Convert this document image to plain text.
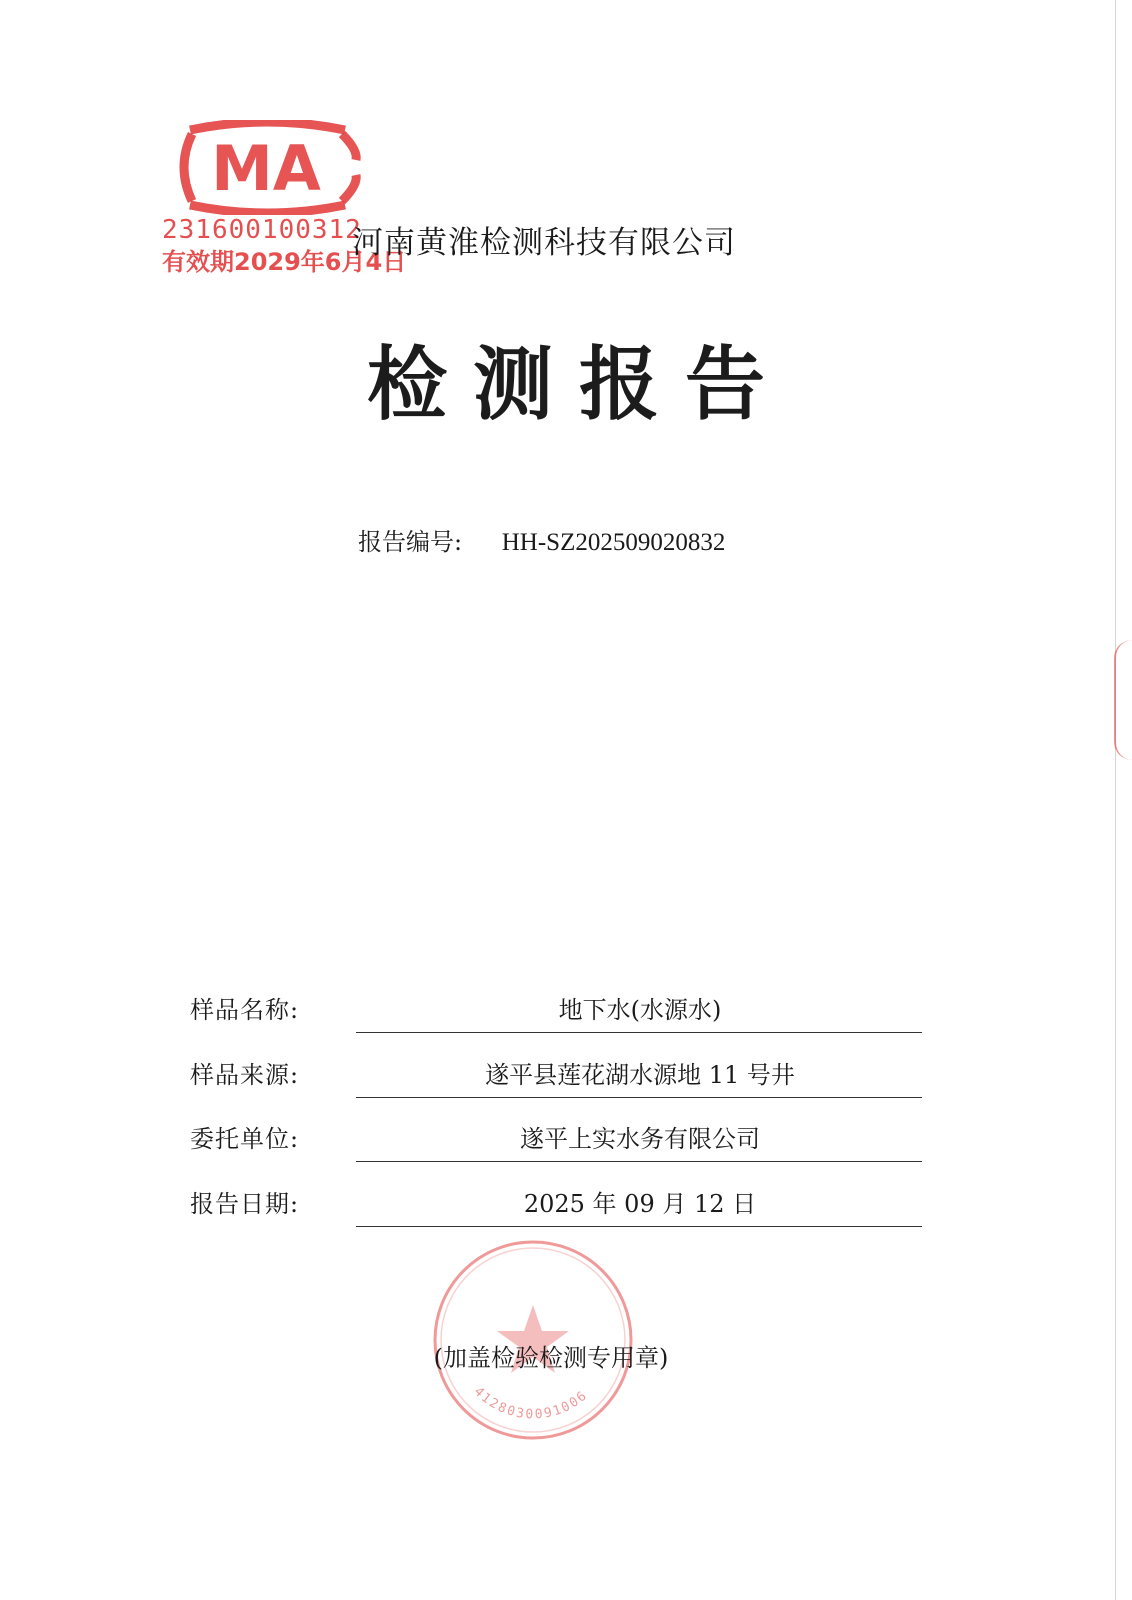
MA
231600100312
有效期2029年6月4日
河南黄淮检测科技有限公司
检测报告
报告编号: HH-SZ202509020832
样品名称:	地下水(水源水)
样品来源:	遂平县莲花湖水源地 11 号井
委托单位:	遂平上实水务有限公司
报告日期:	2025 年 09 月 12 日
4128030091006
(加盖检验检测专用章)
